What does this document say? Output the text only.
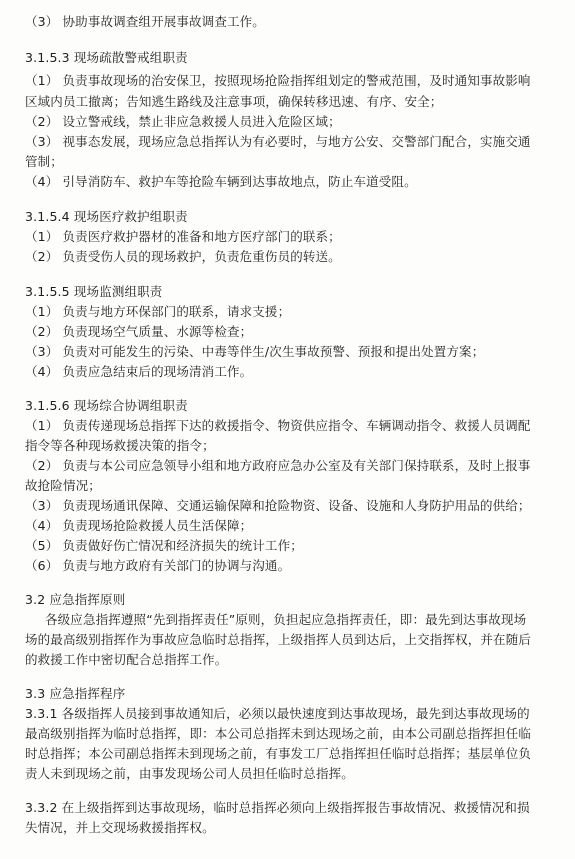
（3） 协助事故调查组开展事故调查工作。
3.1.5.3 现场疏散警戒组职责
（1） 负责事故现场的治安保卫，按照现场抢险指挥组划定的警戒范围，及时通知事故影响
区域内员工撤离；告知逃生路线及注意事项，确保转移迅速、有序、安全；
（2） 设立警戒线，禁止非应急救援人员进入危险区域；
（3） 视事态发展，现场应急总指挥认为有必要时，与地方公安、交警部门配合，实施交通
管制；
（4） 引导消防车、救护车等抢险车辆到达事故地点，防止车道受阻。
3.1.5.4 现场医疗救护组职责
（1） 负责医疗救护器材的准备和地方医疗部门的联系；
（2） 负责受伤人员的现场救护，负责危重伤员的转送。
3.1.5.5 现场监测组职责
（1） 负责与地方环保部门的联系，请求支援；
（2） 负责现场空气质量、水源等检查；
（3） 负责对可能发生的污染、中毒等伴生/次生事故预警、预报和提出处置方案；
（4） 负责应急结束后的现场清消工作。
3.1.5.6 现场综合协调组职责
（1） 负责传递现场总指挥下达的救援指令、物资供应指令、车辆调动指令、救援人员调配
指令等各种现场救援决策的指令；
（2） 负责与本公司应急领导小组和地方政府应急办公室及有关部门保持联系，及时上报事
故抢险情况；
（3） 负责现场通讯保障、交通运输保障和抢险物资、设备、设施和人身防护用品的供给；
（4） 负责现场抢险救援人员生活保障；
（5） 负责做好伤亡情况和经济损失的统计工作；
（6） 负责与地方政府有关部门的协调与沟通。
3.2 应急指挥原则
各级应急指挥遵照“先到指挥责任”原则，负担起应急指挥责任，即：最先到达事故现场
场的最高级别指挥作为事故应急临时总指挥，上级指挥人员到达后，上交指挥权，并在随后
的救援工作中密切配合总指挥工作。
3.3 应急指挥程序
3.3.1 各级指挥人员接到事故通知后，必须以最快速度到达事故现场，最先到达事故现场的
最高级别指挥为临时总指挥，即：本公司总指挥未到达现场之前，由本公司副总指挥担任临
时总指挥；本公司副总指挥未到现场之前，有事发工厂总指挥担任临时总指挥；基层单位负
责人未到现场之前，由事发现场公司人员担任临时总指挥。
3.3.2 在上级指挥到达事故现场，临时总指挥必须向上级指挥报告事故情况、救援情况和损
失情况，并上交现场救援指挥权。
